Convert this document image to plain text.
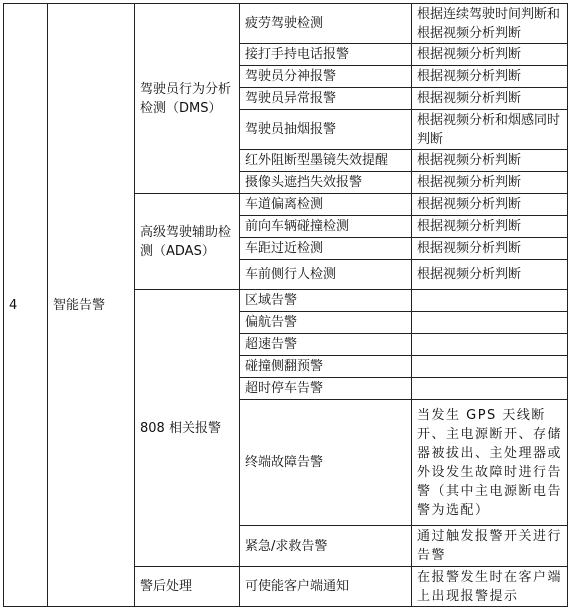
4	智能告警	驾驶员行为分析检测（DMS）	疲劳驾驶检测	根据连续驾驶时间判断和根据视频分析判断
			接打手持电话报警	根据视频分析判断
			驾驶员分神报警	根据视频分析判断
			驾驶员异常报警	根据视频分析判断
			驾驶员抽烟报警	根据视频分析和烟感同时判断
			红外阻断型墨镜失效提醒	根据视频分析判断
			摄像头遮挡失效报警	根据视频分析判断
		高级驾驶辅助检测（ADAS）	车道偏离检测	根据视频分析判断
			前向车辆碰撞检测	根据视频分析判断
			车距过近检测	根据视频分析判断
			车前侧行人检测	根据视频分析判断
		808 相关报警	区域告警	
			偏航告警	
			超速告警	
			碰撞侧翻预警	
			超时停车告警	
			终端故障告警	当发生 GPS 天线断开、主电源断开、存储器被拔出、主处理器或外设发生故障时进行告警（其中主电源断电告警为选配）
			紧急/求救告警	通过触发报警开关进行告警
		警后处理	可使能客户端通知	在报警发生时在客户端上出现报警提示
